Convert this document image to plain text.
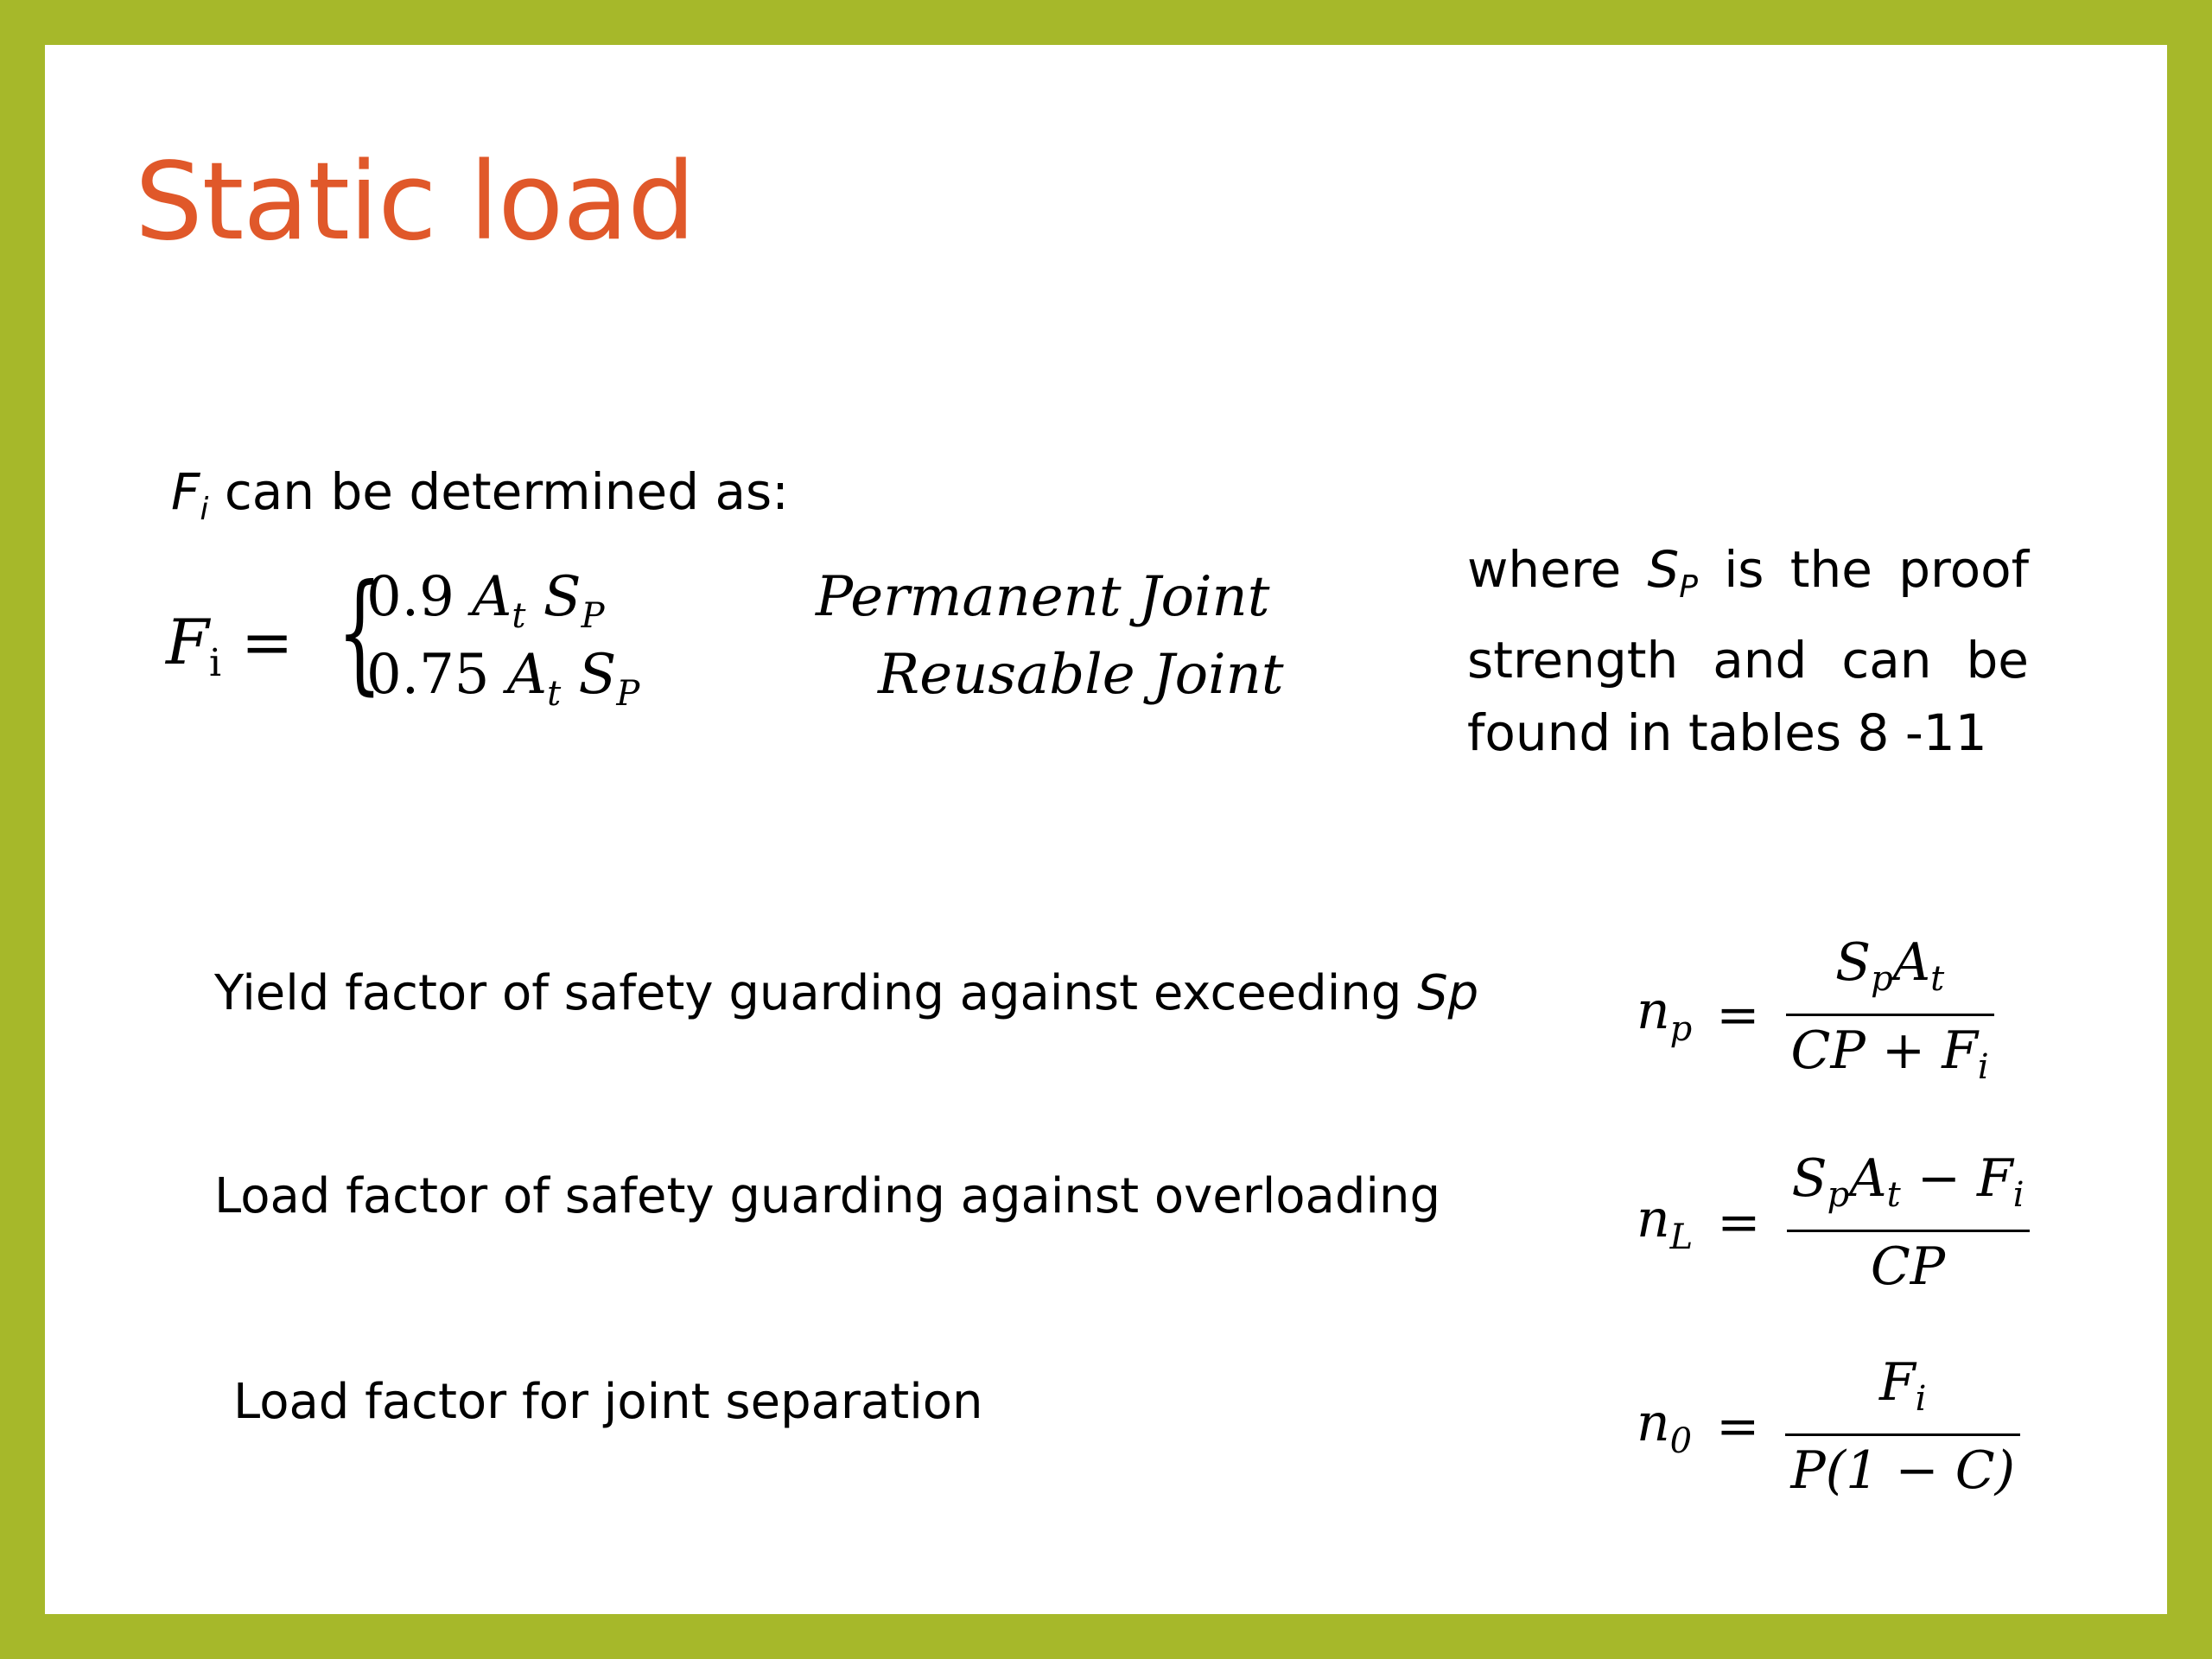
Static load
$F_i$ can be determined as:
$F_i$ = {
0.9 $A_t$ $S_P$	Permanent Joint
0.75 $A_t$ $S_P$	Reusable Joint
where $S_P$ is the proof strength and can be found in tables 8 -11
Yield factor of safety guarding against exceeding Sp	$n_p = \frac{S_pA_t}{CP + F_i}$
Load factor of safety guarding against overloading	$n_L = \frac{S_pA_t - F_i}{CP}$
Load factor for joint separation	$n_0 = \frac{F_i}{P(1 - C)}$
